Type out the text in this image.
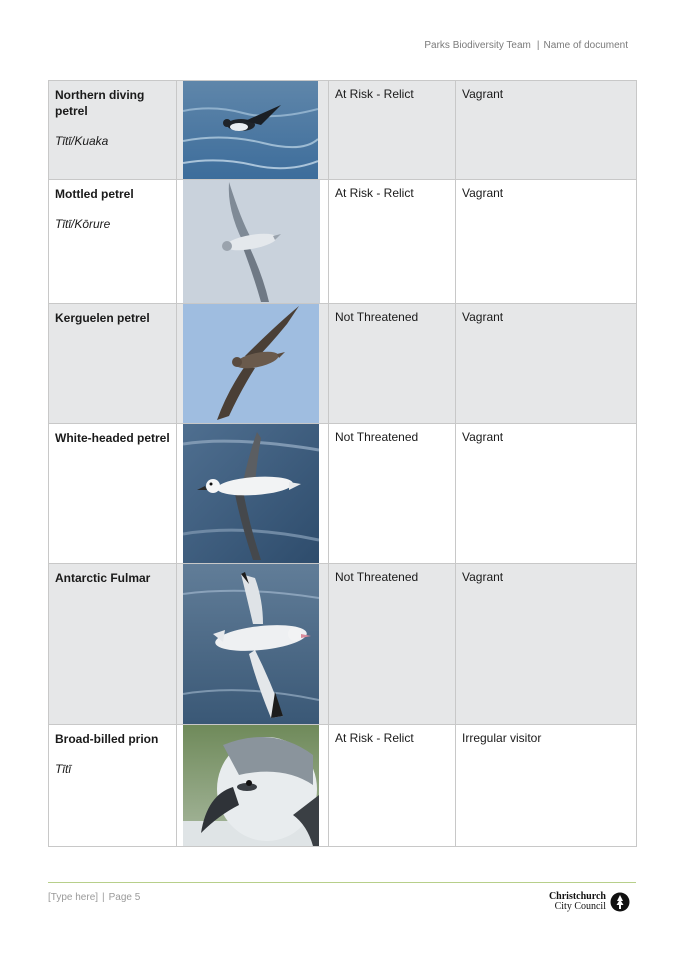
Parks Biodiversity Team | Name of document
Northern diving petrel
Tītī/Kuaka		At Risk - Relict	Vagrant

Mottled petrel
Tītī/Kōrure		At Risk - Relict	Vagrant

Kerguelen petrel		Not Threatened	Vagrant

White-headed petrel		Not Threatened	Vagrant

Antarctic Fulmar		Not Threatened	Vagrant

Broad-billed prion
Tītī		At Risk - Relict	Irregular visitor
[Type here] | Page 5	Christchurch
City Council
